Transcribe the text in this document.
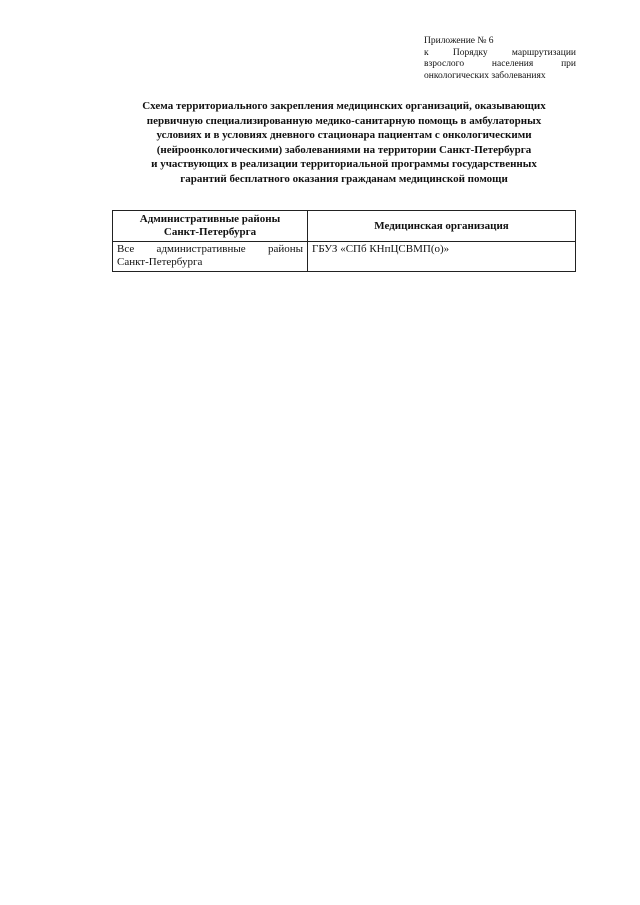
Приложение № 6
к Порядку маршрутизации
взрослого населения при
онкологических заболеваниях
Схема территориального закрепления медицинских организаций, оказывающих
первичную специализированную медико-санитарную помощь в амбулаторных
условиях и в условиях дневного стационара пациентам с онкологическими
(нейроонкологическими) заболеваниями на территории Санкт-Петербурга
и участвующих в реализации территориальной программы государственных
гарантий бесплатного оказания гражданам медицинской помощи
Административные районы
Санкт-Петербурга	Медицинская организация

Все административные районы
Санкт-Петербурга	ГБУЗ «СПб КНпЦСВМП(о)»
